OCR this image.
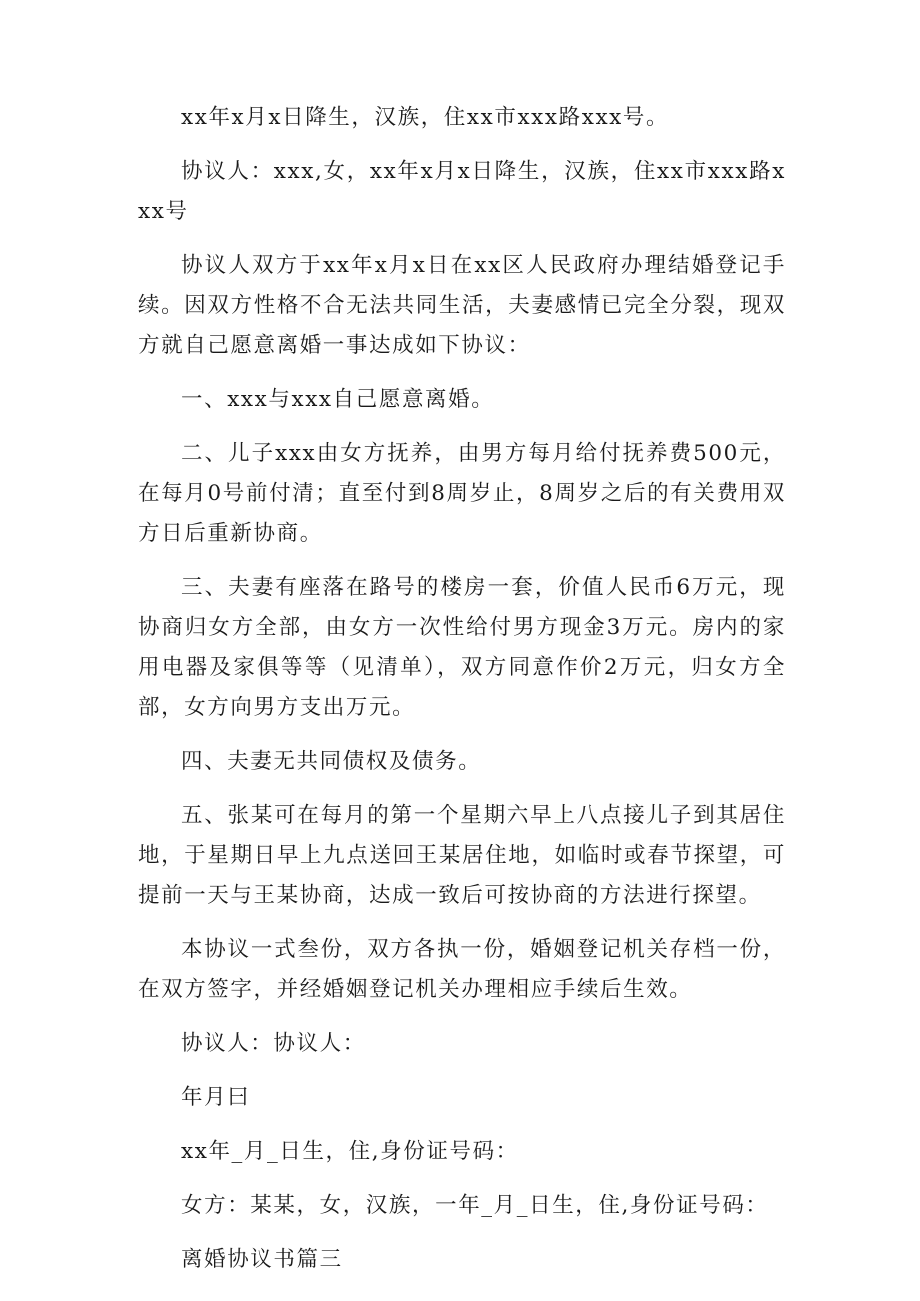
xx年x月x日降生，汉族，住xx市xxx路xxx号。

协议人：xxx,女，xx年x月x日降生，汉族，住xx市xxx路xxx号

协议人双方于xx年x月x日在xx区人民政府办理结婚登记手续。因双方性格不合无法共同生活，夫妻感情已完全分裂，现双方就自己愿意离婚一事达成如下协议：

一、xxx与xxx自己愿意离婚。

二、儿子xxx由女方抚养，由男方每月给付抚养费500元，在每月0号前付清；直至付到8周岁止，8周岁之后的有关费用双方日后重新协商。

三、夫妻有座落在路号的楼房一套，价值人民币6万元，现协商归女方全部，由女方一次性给付男方现金3万元。房内的家用电器及家俱等等（见清单），双方同意作价2万元，归女方全部，女方向男方支出万元。

四、夫妻无共同债权及债务。

五、张某可在每月的第一个星期六早上八点接儿子到其居住地，于星期日早上九点送回王某居住地，如临时或春节探望，可提前一天与王某协商，达成一致后可按协商的方法进行探望。

本协议一式叁份，双方各执一份，婚姻登记机关存档一份，在双方签字，并经婚姻登记机关办理相应手续后生效。

协议人：协议人：

年月曰

xx年_月_日生，住,身份证号码：

女方：某某，女，汉族，一年_月_日生，住,身份证号码：

离婚协议书篇三
